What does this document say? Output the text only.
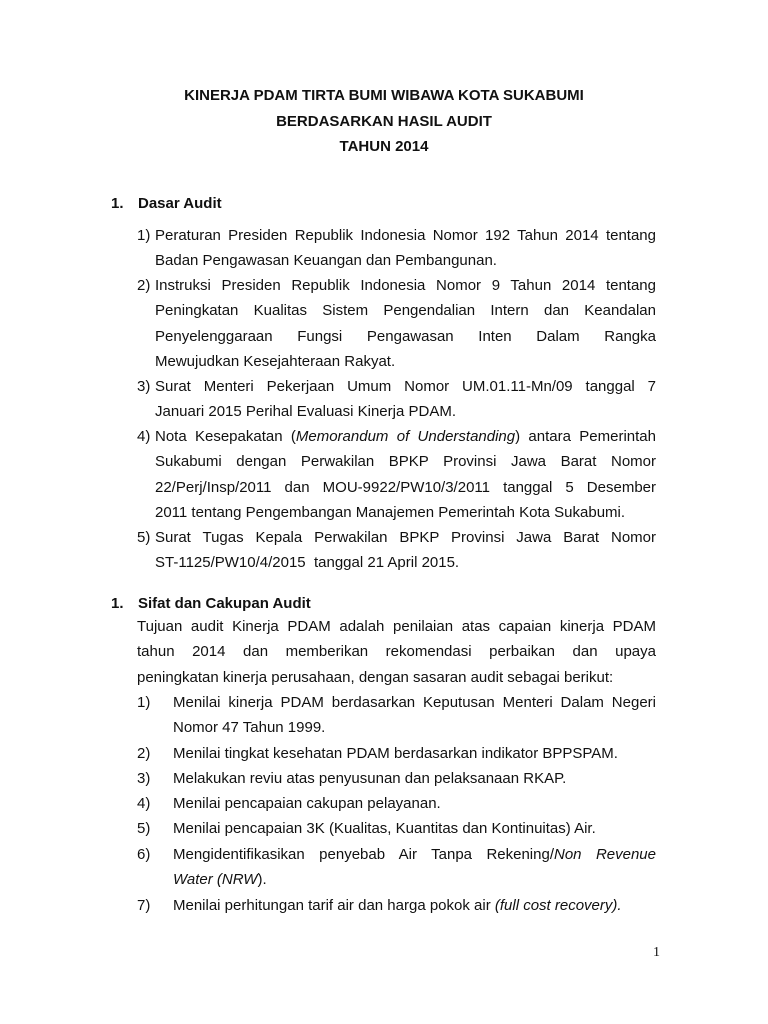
KINERJA PDAM TIRTA BUMI WIBAWA KOTA SUKABUMI
BERDASARKAN HASIL AUDIT
TAHUN 2014
1. Dasar Audit
1) Peraturan Presiden Republik Indonesia Nomor 192 Tahun 2014 tentang
Badan Pengawasan Keuangan dan Pembangunan.
2) Instruksi Presiden Republik Indonesia Nomor 9 Tahun 2014 tentang
Peningkatan Kualitas Sistem Pengendalian Intern dan Keandalan
Penyelenggaraan Fungsi Pengawasan Inten Dalam Rangka
Mewujudkan Kesejahteraan Rakyat.
3) Surat Menteri Pekerjaan Umum Nomor UM.01.11-Mn/09 tanggal 7
Januari 2015 Perihal Evaluasi Kinerja PDAM.
4) Nota Kesepakatan (Memorandum of Understanding) antara Pemerintah
Sukabumi dengan Perwakilan BPKP Provinsi Jawa Barat Nomor
22/Perj/Insp/2011 dan MOU-9922/PW10/3/2011 tanggal 5 Desember
2011 tentang Pengembangan Manajemen Pemerintah Kota Sukabumi.
5) Surat Tugas Kepala Perwakilan BPKP Provinsi Jawa Barat Nomor
ST-1125/PW10/4/2015  tanggal 21 April 2015.
1. Sifat dan Cakupan Audit
Tujuan audit Kinerja PDAM adalah penilaian atas capaian kinerja PDAM
tahun 2014 dan memberikan rekomendasi perbaikan dan upaya
peningkatan kinerja perusahaan, dengan sasaran audit sebagai berikut:
1) Menilai kinerja PDAM berdasarkan Keputusan Menteri Dalam Negeri
Nomor 47 Tahun 1999.
2) Menilai tingkat kesehatan PDAM berdasarkan indikator BPPSPAM.
3) Melakukan reviu atas penyusunan dan pelaksanaan RKAP.
4) Menilai pencapaian cakupan pelayanan.
5) Menilai pencapaian 3K (Kualitas, Kuantitas dan Kontinuitas) Air.
6) Mengidentifikasikan penyebab Air Tanpa Rekening/Non Revenue
Water (NRW).
7) Menilai perhitungan tarif air dan harga pokok air (full cost recovery).
1
